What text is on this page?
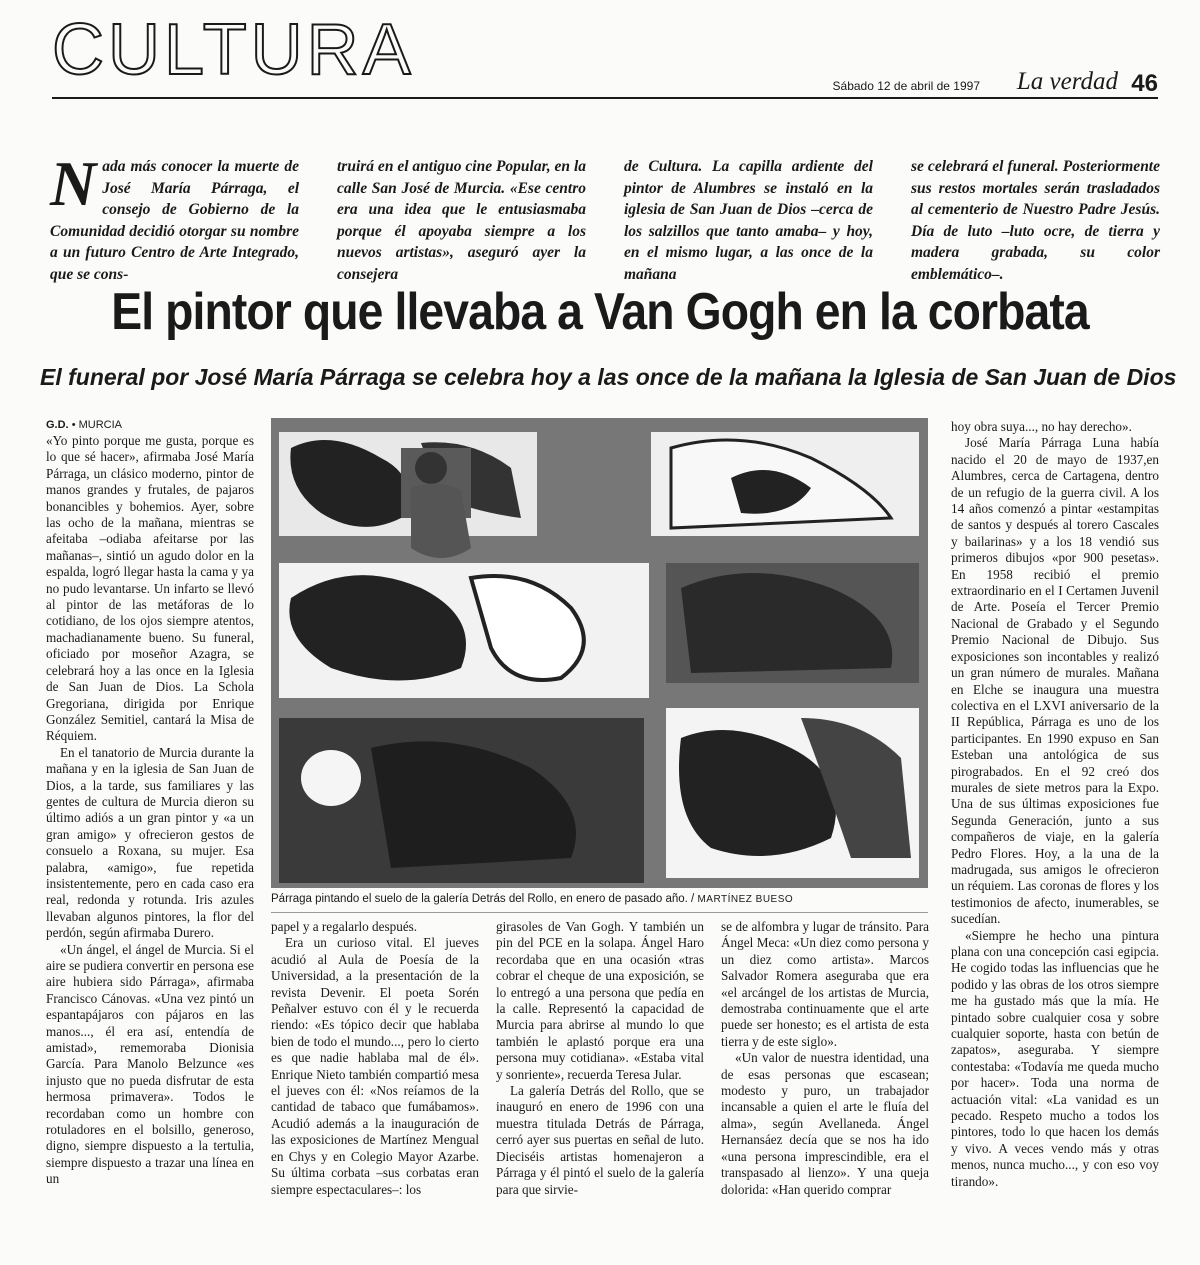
CULTURA	Sábado 12 de abril de 1997 La verdad 46

Nada más conocer la muerte de José María Párraga, el consejo de Gobierno de la Comunidad decidió otorgar su nombre a un futuro Centro de Arte Integrado, que se cons-

truirá en el antiguo cine Popular, en la calle San José de Murcia. «Ese centro era una idea que le entusiasmaba porque él apoyaba siempre a los nuevos artistas», aseguró ayer la consejera

de Cultura. La capilla ardiente del pintor de Alumbres se instaló en la iglesia de San Juan de Dios –cerca de los salzillos que tanto amaba– y hoy, en el mismo lugar, a las once de la mañana

se celebrará el funeral. Posteriormente sus restos mortales serán trasladados al cementerio de Nuestro Padre Jesús. Día de luto –luto ocre, de tierra y madera grabada, su color emblemático–.

El pintor que llevaba a Van Gogh en la corbata
El funeral por José María Párraga se celebra hoy a las once de la mañana la Iglesia de San Juan de Dios
G.D. • MURCIA

«Yo pinto porque me gusta, porque es lo que sé hacer», afirmaba José María Párraga, un clásico moderno, pintor de manos grandes y frutales, de pajaros bonancibles y bohemios. Ayer, sobre las ocho de la mañana, mientras se afeitaba –odiaba afeitarse por las mañanas–, sintió un agudo dolor en la espalda, logró llegar hasta la cama y ya no pudo levantarse. Un infarto se llevó al pintor de las metáforas de lo cotidiano, de los ojos siempre atentos, machadianamente bueno. Su funeral, oficiado por moseñor Azagra, se celebrará hoy a las once en la Iglesia de San Juan de Dios. La Schola Gregoriana, dirigida por Enrique González Semitiel, cantará la Misa de Réquiem.

En el tanatorio de Murcia durante la mañana y en la iglesia de San Juan de Dios, a la tarde, sus familiares y las gentes de cultura de Murcia dieron su último adiós a un gran pintor y «a un gran amigo» y ofrecieron gestos de consuelo a Roxana, su mujer. Esa palabra, «amigo», fue repetida insistentemente, pero en cada caso era real, redonda y rotunda. Iris azules llevaban algunos pintores, la flor del perdón, según afirmaba Durero.

«Un ángel, el ángel de Murcia. Si el aire se pudiera convertir en persona ese aire hubiera sido Párraga», afirmaba Francisco Cánovas. «Una vez pintó un espantapájaros con pájaros en las manos..., él era así, entendía de amistad», rememoraba Dionisia García. Para Manolo Belzunce «es injusto que no pueda disfrutar de esta hermosa primavera». Todos le recordaban como un hombre con rotuladores en el bolsillo, generoso, digno, siempre dispuesto a la tertulia, siempre dispuesto a trazar una línea en un

Párraga pintando el suelo de la galería Detrás del Rollo, en enero de pasado año. / MARTÍNEZ BUESO

papel y a regalarlo después.

Era un curioso vital. El jueves acudió al Aula de Poesía de la Universidad, a la presentación de la revista Devenir. El poeta Sorén Peñalver estuvo con él y le recuerda riendo: «Es tópico decir que hablaba bien de todo el mundo..., pero lo cierto es que nadie hablaba mal de él». Enrique Nieto también compartió mesa el jueves con él: «Nos reíamos de la cantidad de tabaco que fumábamos». Acudió además a la inauguración de las exposiciones de Martínez Mengual en Chys y en Colegio Mayor Azarbe. Su última corbata –sus corbatas eran siempre espectaculares–: los

girasoles de Van Gogh. Y también un pin del PCE en la solapa. Ángel Haro recordaba que en una ocasión «tras cobrar el cheque de una exposición, se lo entregó a una persona que pedía en la calle. Representó la capacidad de Murcia para abrirse al mundo lo que también le aplastó porque era una persona muy cotidiana». «Estaba vital y sonriente», recuerda Teresa Jular.

La galería Detrás del Rollo, que se inauguró en enero de 1996 con una muestra titulada Detrás de Párraga, cerró ayer sus puertas en señal de luto. Dieciséis artistas homenajeron a Párraga y él pintó el suelo de la galería para que sirvie-

se de alfombra y lugar de tránsito. Para Ángel Meca: «Un diez como persona y un diez como artista». Marcos Salvador Romera aseguraba que era «el arcángel de los artistas de Murcia, demostraba continuamente que el arte puede ser honesto; es el artista de esta tierra y de este siglo».

«Un valor de nuestra identidad, una de esas personas que escasean; modesto y puro, un trabajador incansable a quien el arte le fluía del alma», según Avellaneda. Ángel Hernansáez decía que se nos ha ido «una persona imprescindible, era el transpasado al lienzo». Y una queja dolorida: «Han querido comprar

hoy obra suya..., no hay derecho».

José María Párraga Luna había nacido el 20 de mayo de 1937,en Alumbres, cerca de Cartagena, dentro de un refugio de la guerra civil. A los 14 años comenzó a pintar «estampitas de santos y después al torero Cascales y bailarinas» y a los 18 vendió sus primeros dibujos «por 900 pesetas». En 1958 recibió el premio extraordinario en el I Certamen Juvenil de Arte. Poseía el Tercer Premio Nacional de Grabado y el Segundo Premio Nacional de Dibujo. Sus exposiciones son incontables y realizó un gran número de murales. Mañana en Elche se inaugura una muestra colectiva en el LXVI aniversario de la II República, Párraga es uno de los participantes. En 1990 expuso en San Esteban una antológica de sus pirograbados. En el 92 creó dos murales de siete metros para la Expo. Una de sus últimas exposiciones fue Segunda Generación, junto a sus compañeros de viaje, en la galería Pedro Flores. Hoy, a la una de la madrugada, sus amigos le ofrecieron un réquiem. Las coronas de flores y los testimonios de afecto, inumerables, se sucedían.

«Siempre he hecho una pintura plana con una concepción casi egipcia. He cogido todas las influencias que he podido y las obras de los otros siempre me ha gustado más que la mía. He pintado sobre cualquier cosa y sobre cualquier soporte, hasta con betún de zapatos», aseguraba. Y siempre contestaba: «Todavía me queda mucho por hacer». Toda una norma de actuación vital: «La vanidad es un pecado. Respeto mucho a todos los pintores, todo lo que hacen los demás y vivo. A veces vendo más y otras menos, nunca mucho..., y con eso voy tirando».
